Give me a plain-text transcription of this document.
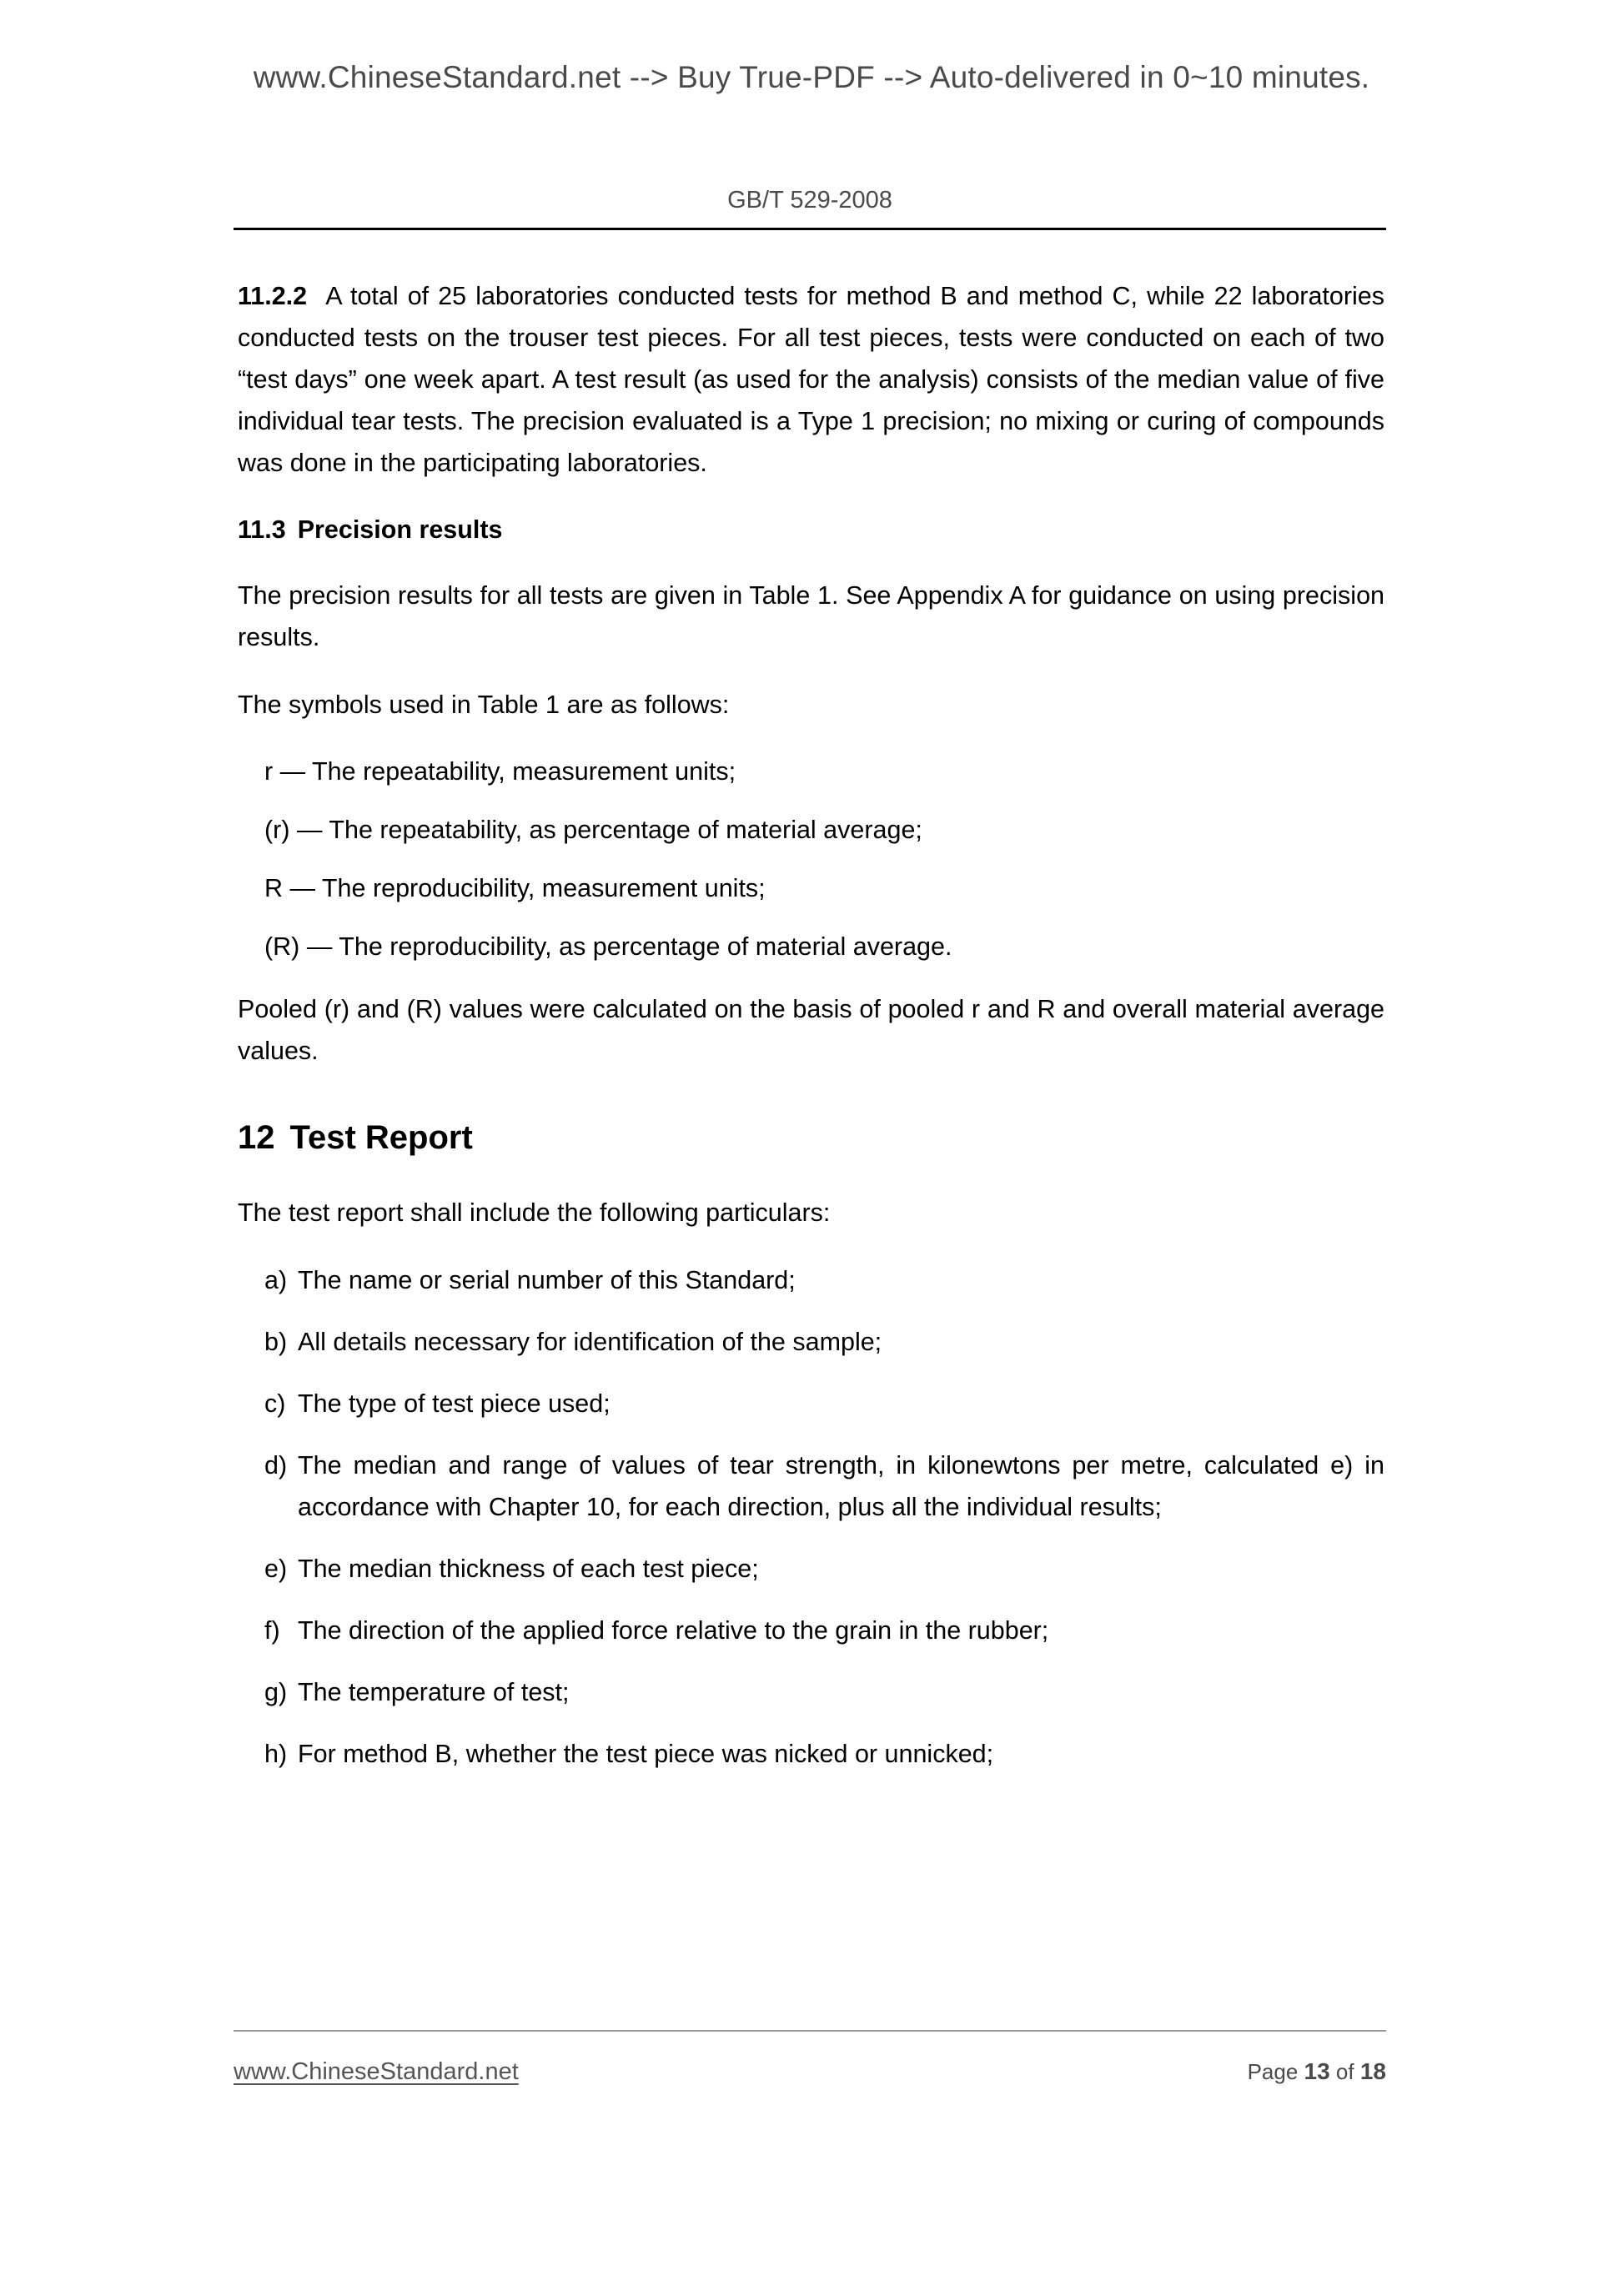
www.ChineseStandard.net --> Buy True-PDF --> Auto-delivered in 0~10 minutes.
GB/T 529-2008

11.2.2 A total of 25 laboratories conducted tests for method B and method C, while 22 laboratories conducted tests on the trouser test pieces. For all test pieces, tests were conducted on each of two “test days” one week apart. A test result (as used for the analysis) consists of the median value of five individual tear tests. The precision evaluated is a Type 1 precision; no mixing or curing of compounds was done in the participating laboratories.

11.3 Precision results

The precision results for all tests are given in Table 1. See Appendix A for guidance on using precision results.

The symbols used in Table 1 are as follows:

r — The repeatability, measurement units;
(r) — The repeatability, as percentage of material average;
R — The reproducibility, measurement units;
(R) — The reproducibility, as percentage of material average.

Pooled (r) and (R) values were calculated on the basis of pooled r and R and overall material average values.

12 Test Report

The test report shall include the following particulars:

a) The name or serial number of this Standard;
b) All details necessary for identification of the sample;
c) The type of test piece used;
d) The median and range of values of tear strength, in kilonewtons per metre, calculated e) in accordance with Chapter 10, for each direction, plus all the individual results;
e) The median thickness of each test piece;
f) The direction of the applied force relative to the grain in the rubber;
g) The temperature of test;
h) For method B, whether the test piece was nicked or unnicked;
www.ChineseStandard.net	Page 13 of 18
